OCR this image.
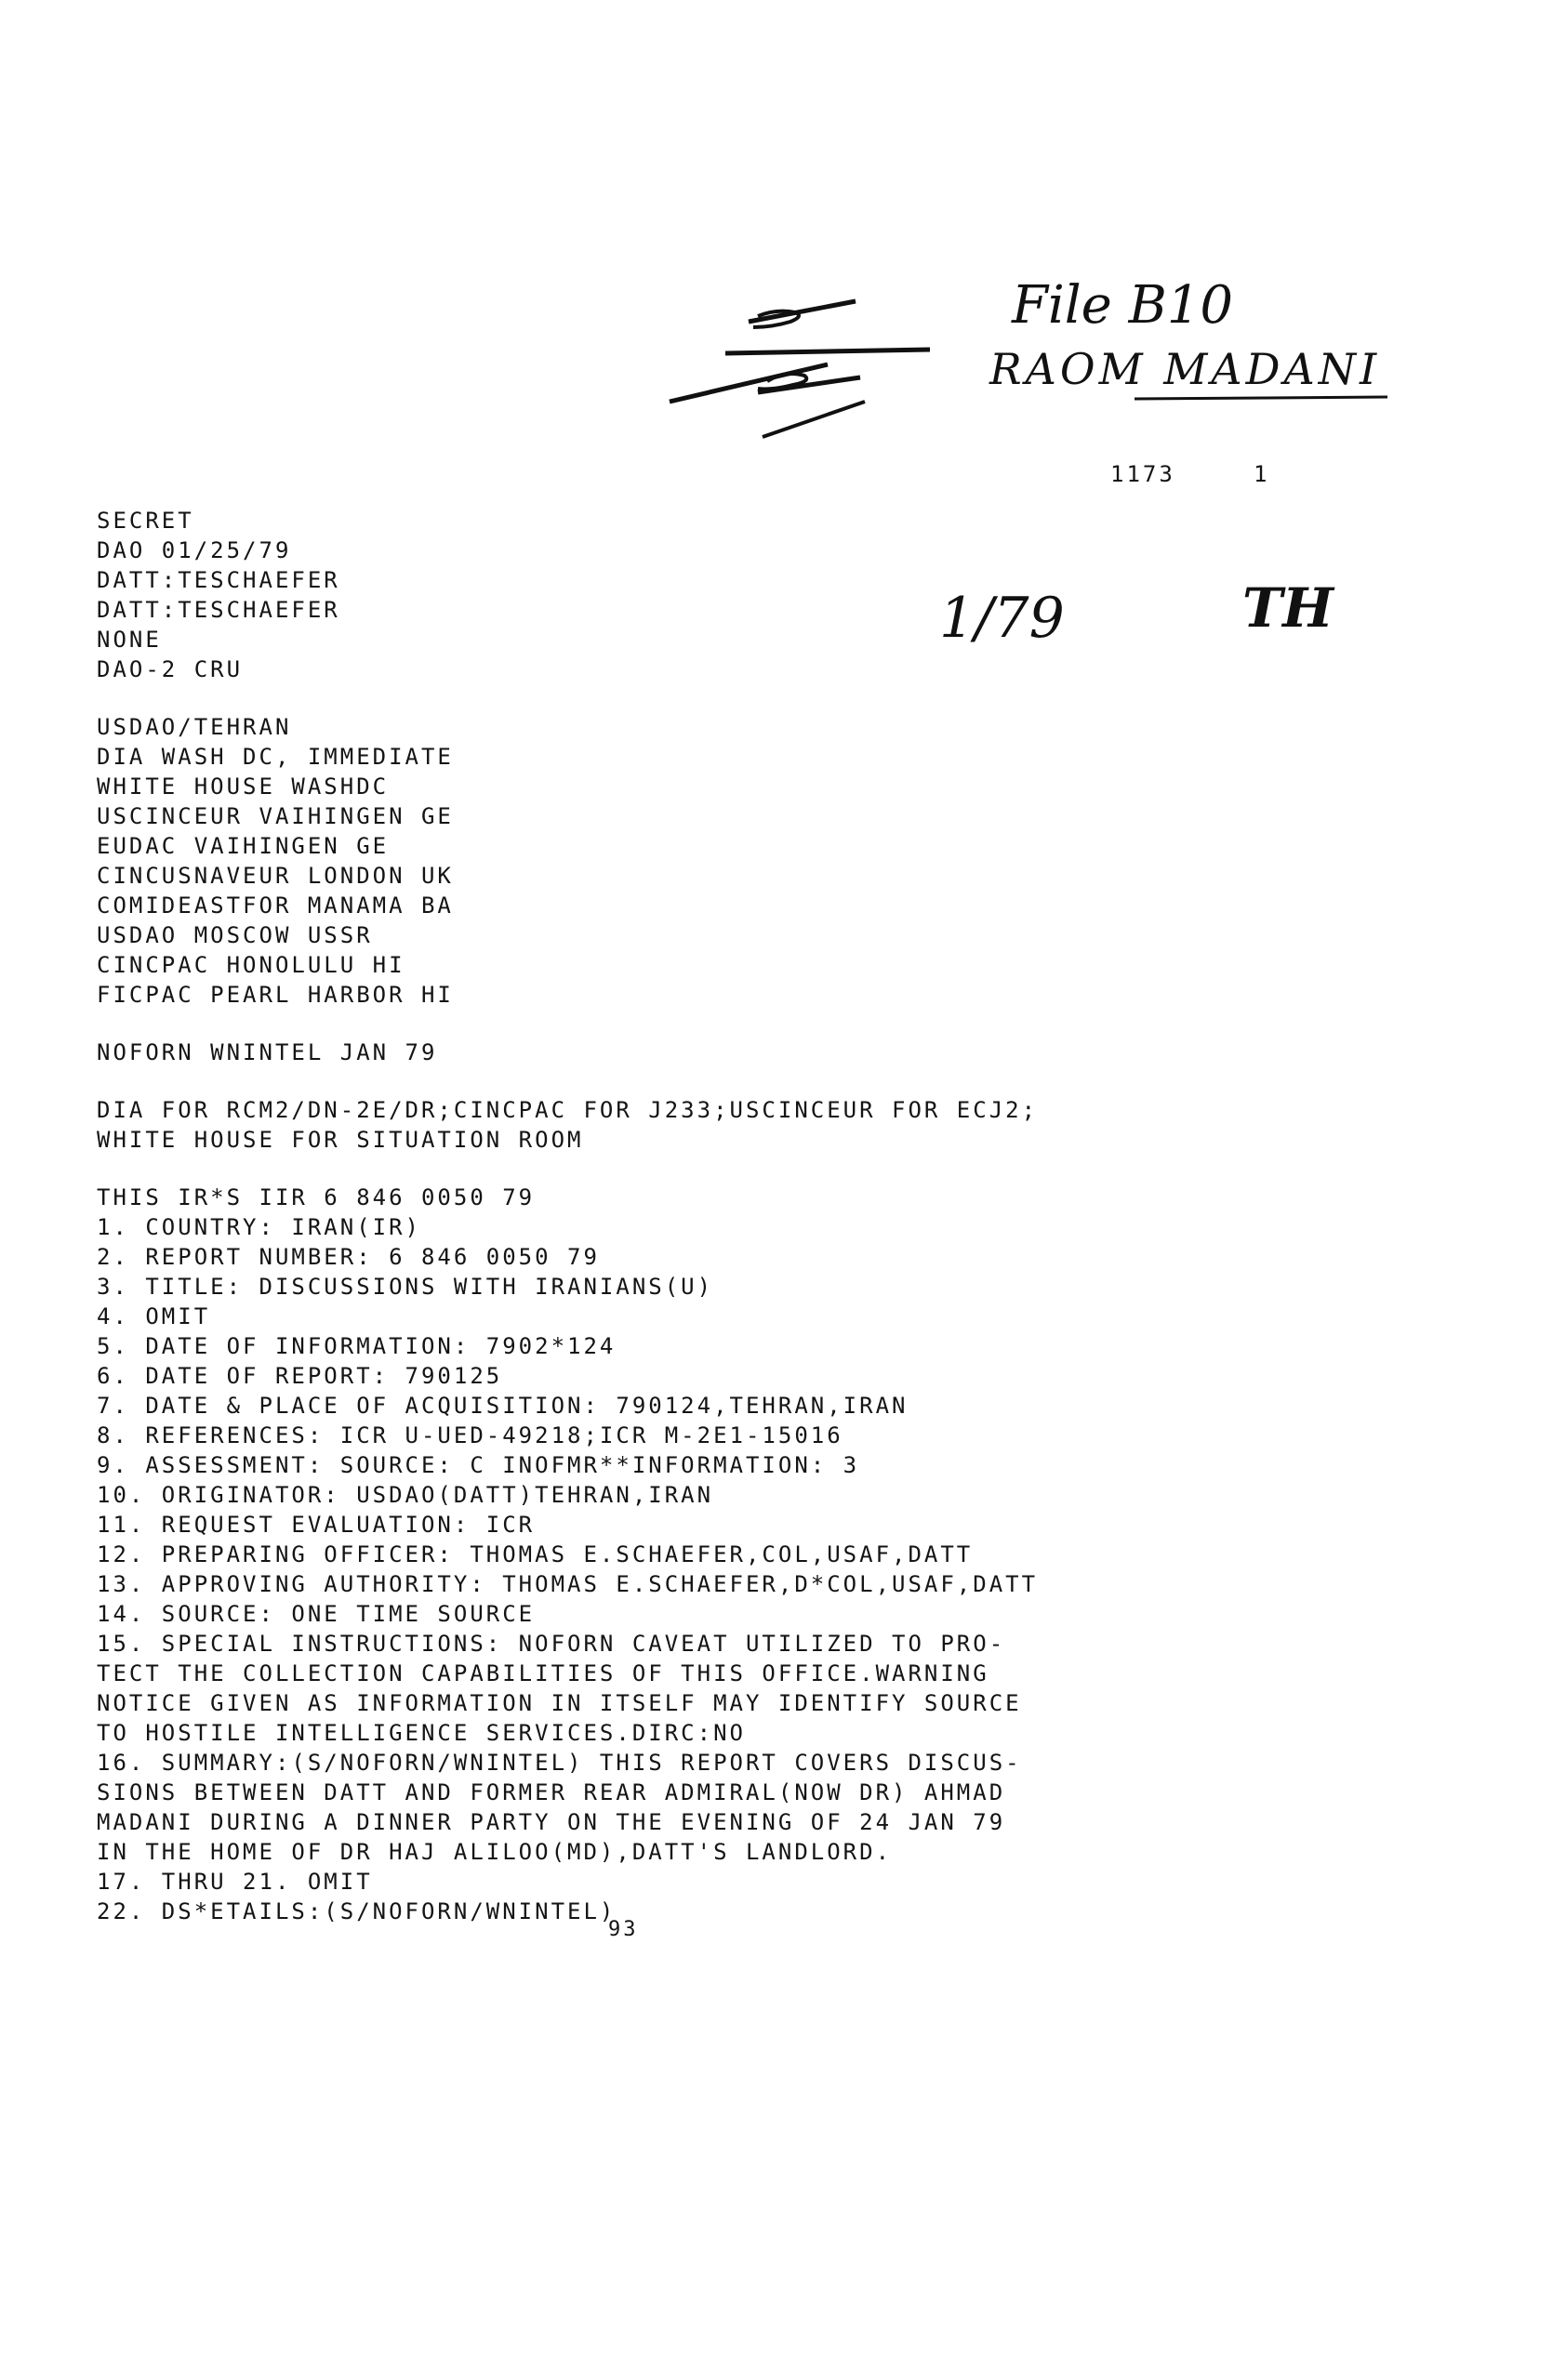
File B10
RAOM MADANI
1/79	TH
1173	1
SECRET
DAO 01/25/79
DATT:TESCHAEFER
DATT:TESCHAEFER
NONE
DAO-2 CRU
USDAO/TEHRAN
DIA WASH DC, IMMEDIATE
WHITE HOUSE WASHDC
USCINCEUR VAIHINGEN GE
EUDAC VAIHINGEN GE
CINCUSNAVEUR LONDON UK
COMIDEASTFOR MANAMA BA
USDAO MOSCOW USSR
CINCPAC HONOLULU HI
FICPAC PEARL HARBOR HI
NOFORN WNINTEL JAN 79
DIA FOR RCM2/DN-2E/DR;CINCPAC FOR J233;USCINCEUR FOR ECJ2;
WHITE HOUSE FOR SITUATION ROOM
THIS IR*S IIR 6 846 0050 79
1. COUNTRY: IRAN(IR)
2. REPORT NUMBER: 6 846 0050 79
3. TITLE: DISCUSSIONS WITH IRANIANS(U)
4. OMIT
5. DATE OF INFORMATION: 7902*124
6. DATE OF REPORT: 790125
7. DATE & PLACE OF ACQUISITION: 790124,TEHRAN,IRAN
8. REFERENCES: ICR U-UED-49218;ICR M-2E1-15016
9. ASSESSMENT: SOURCE: C INOFMR**INFORMATION: 3
10. ORIGINATOR: USDAO(DATT)TEHRAN,IRAN
11. REQUEST EVALUATION: ICR
12. PREPARING OFFICER: THOMAS E.SCHAEFER,COL,USAF,DATT
13. APPROVING AUTHORITY: THOMAS E.SCHAEFER,D*COL,USAF,DATT
14. SOURCE: ONE TIME SOURCE
15. SPECIAL INSTRUCTIONS: NOFORN CAVEAT UTILIZED TO PRO-
TECT THE COLLECTION CAPABILITIES OF THIS OFFICE.WARNING
NOTICE GIVEN AS INFORMATION IN ITSELF MAY IDENTIFY SOURCE
TO HOSTILE INTELLIGENCE SERVICES.DIRC:NO
16. SUMMARY:(S/NOFORN/WNINTEL) THIS REPORT COVERS DISCUS-
SIONS BETWEEN DATT AND FORMER REAR ADMIRAL(NOW DR) AHMAD
MADANI DURING A DINNER PARTY ON THE EVENING OF 24 JAN 79
IN THE HOME OF DR HAJ ALILOO(MD),DATT'S LANDLORD.
17. THRU 21. OMIT
22. DS*ETAILS:(S/NOFORN/WNINTEL)
93
